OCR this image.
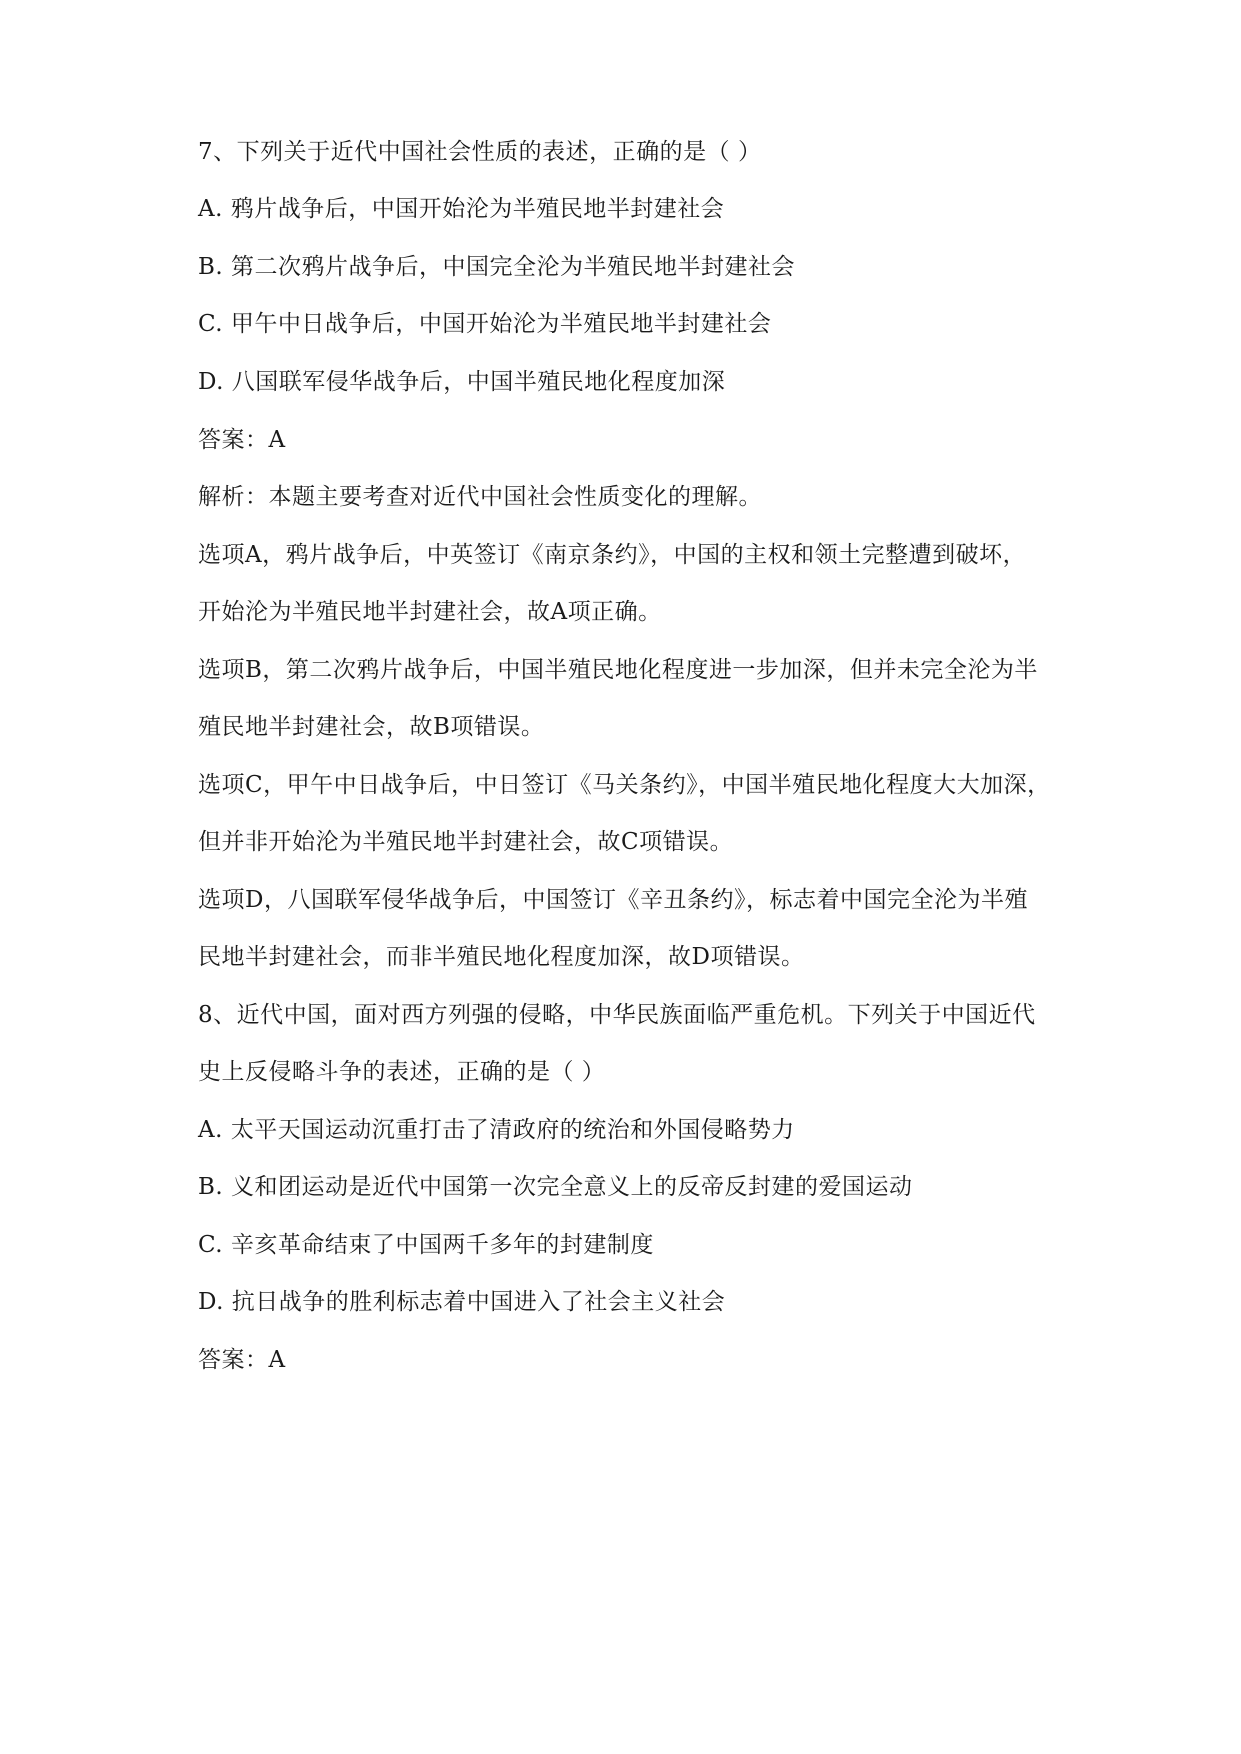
7、下列关于近代中国社会性质的表述，正确的是（ ）
A. 鸦片战争后，中国开始沦为半殖民地半封建社会
B. 第二次鸦片战争后，中国完全沦为半殖民地半封建社会
C. 甲午中日战争后，中国开始沦为半殖民地半封建社会
D. 八国联军侵华战争后，中国半殖民地化程度加深
答案：A
解析：本题主要考查对近代中国社会性质变化的理解。
选项A，鸦片战争后，中英签订《南京条约》，中国的主权和领土完整遭到破坏，
开始沦为半殖民地半封建社会，故A项正确。
选项B，第二次鸦片战争后，中国半殖民地化程度进一步加深，但并未完全沦为半
殖民地半封建社会，故B项错误。
选项C，甲午中日战争后，中日签订《马关条约》，中国半殖民地化程度大大加深，
但并非开始沦为半殖民地半封建社会，故C项错误。
选项D，八国联军侵华战争后，中国签订《辛丑条约》，标志着中国完全沦为半殖
民地半封建社会，而非半殖民地化程度加深，故D项错误。
8、近代中国，面对西方列强的侵略，中华民族面临严重危机。下列关于中国近代
史上反侵略斗争的表述，正确的是（ ）
A. 太平天国运动沉重打击了清政府的统治和外国侵略势力
B. 义和团运动是近代中国第一次完全意义上的反帝反封建的爱国运动
C. 辛亥革命结束了中国两千多年的封建制度
D. 抗日战争的胜利标志着中国进入了社会主义社会
答案：A
